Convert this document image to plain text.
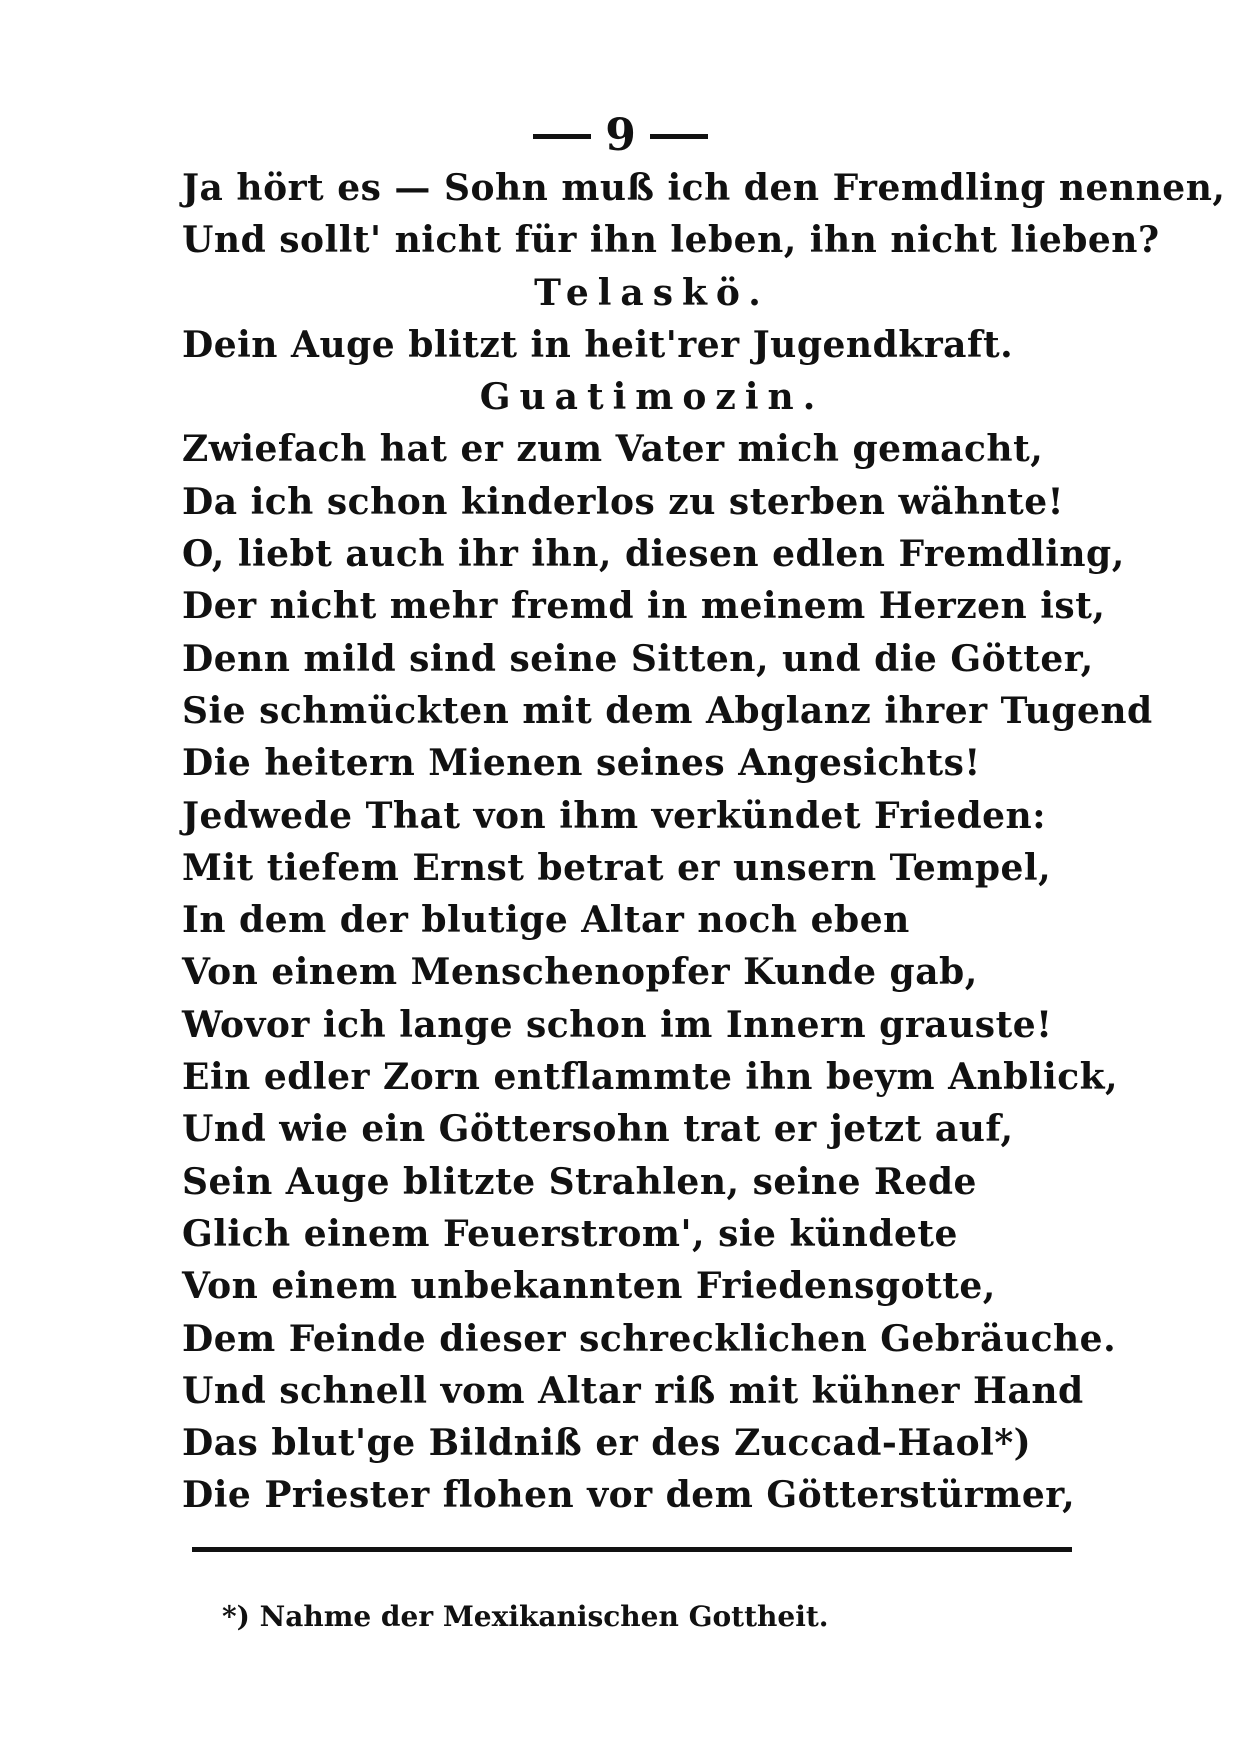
9
Ja hört es — Sohn muß ich den Fremdling nennen,
Und sollt' nicht für ihn leben, ihn nicht lieben?
Telaskö.
Dein Auge blitzt in heit'rer Jugendkraft.
Guatimozin.
Zwiefach hat er zum Vater mich gemacht,
Da ich schon kinderlos zu sterben wähnte!
O, liebt auch ihr ihn, diesen edlen Fremdling,
Der nicht mehr fremd in meinem Herzen ist,
Denn mild sind seine Sitten, und die Götter,
Sie schmückten mit dem Abglanz ihrer Tugend
Die heitern Mienen seines Angesichts!
Jedwede That von ihm verkündet Frieden:
Mit tiefem Ernst betrat er unsern Tempel,
In dem der blutige Altar noch eben
Von einem Menschenopfer Kunde gab,
Wovor ich lange schon im Innern grauste!
Ein edler Zorn entflammte ihn beym Anblick,
Und wie ein Göttersohn trat er jetzt auf,
Sein Auge blitzte Strahlen, seine Rede
Glich einem Feuerstrom', sie kündete
Von einem unbekannten Friedensgotte,
Dem Feinde dieser schrecklichen Gebräuche.
Und schnell vom Altar riß mit kühner Hand
Das blut'ge Bildniß er des Zuccad-Haol*)
Die Priester flohen vor dem Götterstürmer,
*) Nahme der Mexikanischen Gottheit.
